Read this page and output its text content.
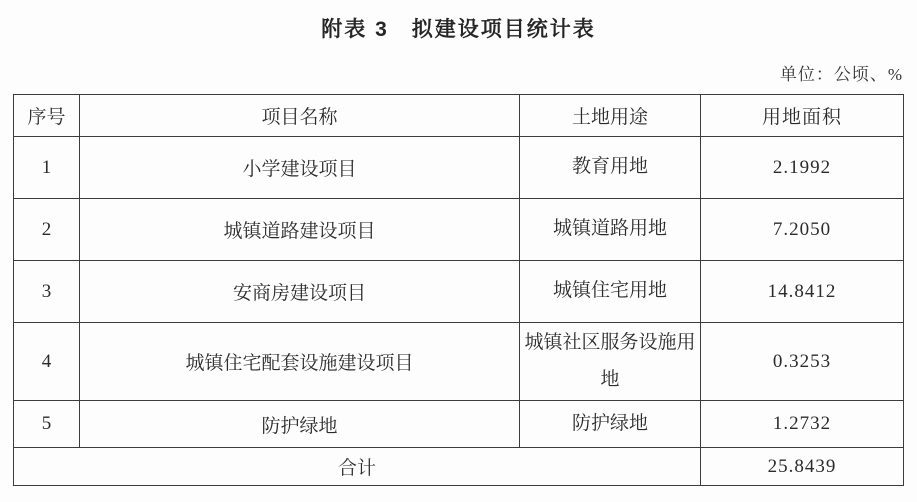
附表 3　拟建设项目统计表
单位：公顷、%
序号	项目名称	土地用途	用地面积
1	小学建设项目	教育用地	2.1992
2	城镇道路建设项目	城镇道路用地	7.2050
3	安商房建设项目	城镇住宅用地	14.8412
4	城镇住宅配套设施建设项目	城镇社区服务设施用地	0.3253
5	防护绿地	防护绿地	1.2732
合计			25.8439
